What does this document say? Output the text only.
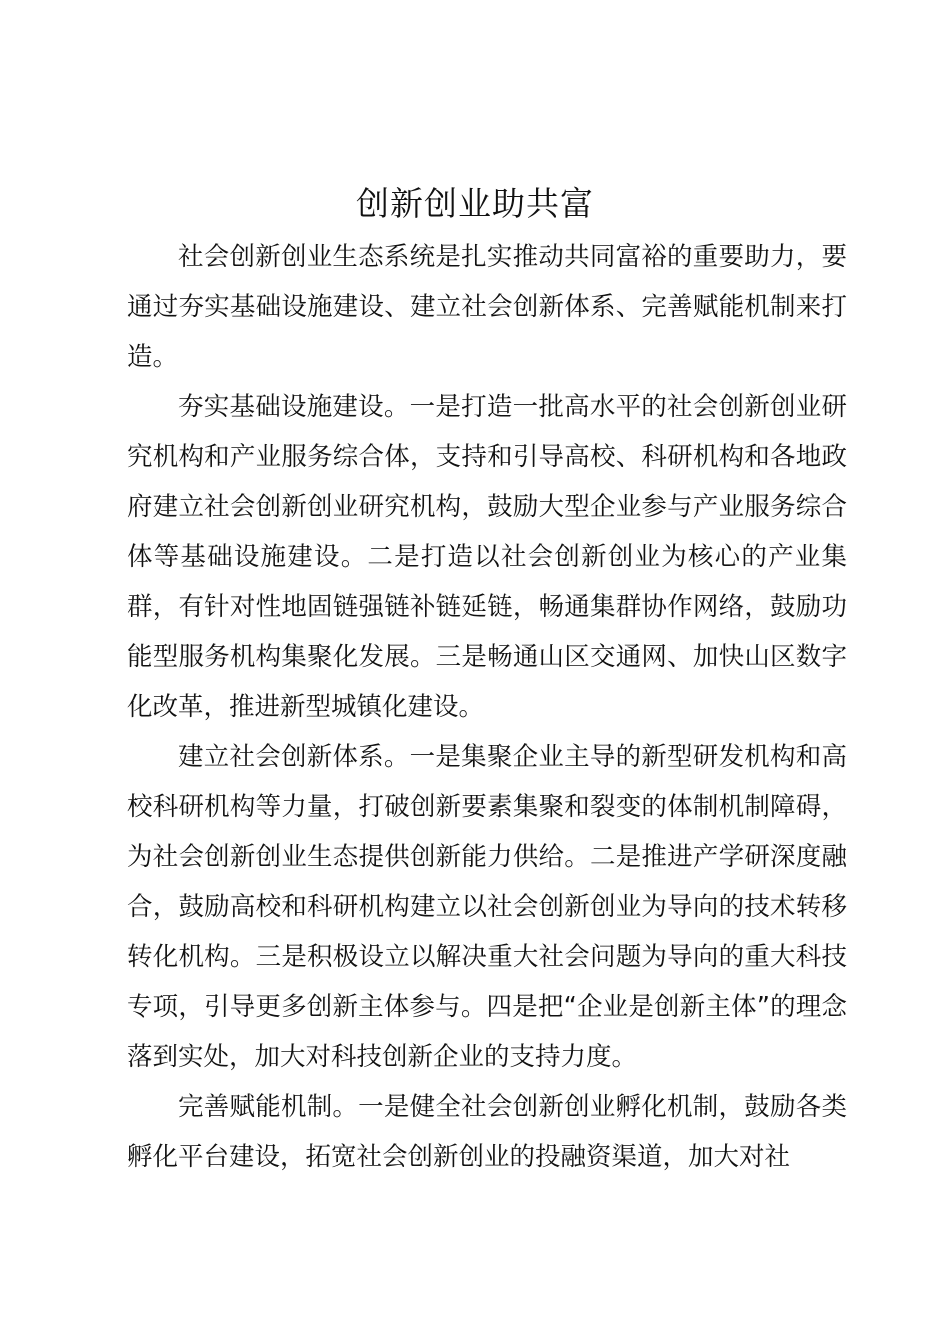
创新创业助共富

社会创新创业生态系统是扎实推动共同富裕的重要助力，要通过夯实基础设施建设、建立社会创新体系、完善赋能机制来打造。

夯实基础设施建设。一是打造一批高水平的社会创新创业研究机构和产业服务综合体，支持和引导高校、科研机构和各地政府建立社会创新创业研究机构，鼓励大型企业参与产业服务综合体等基础设施建设。二是打造以社会创新创业为核心的产业集群，有针对性地固链强链补链延链，畅通集群协作网络，鼓励功能型服务机构集聚化发展。三是畅通山区交通网、加快山区数字化改革，推进新型城镇化建设。

建立社会创新体系。一是集聚企业主导的新型研发机构和高校科研机构等力量，打破创新要素集聚和裂变的体制机制障碍，为社会创新创业生态提供创新能力供给。二是推进产学研深度融合，鼓励高校和科研机构建立以社会创新创业为导向的技术转移转化机构。三是积极设立以解决重大社会问题为导向的重大科技专项，引导更多创新主体参与。四是把“企业是创新主体”的理念落到实处，加大对科技创新企业的支持力度。

完善赋能机制。一是健全社会创新创业孵化机制，鼓励各类孵化平台建设，拓宽社会创新创业的投融资渠道，加大对社
